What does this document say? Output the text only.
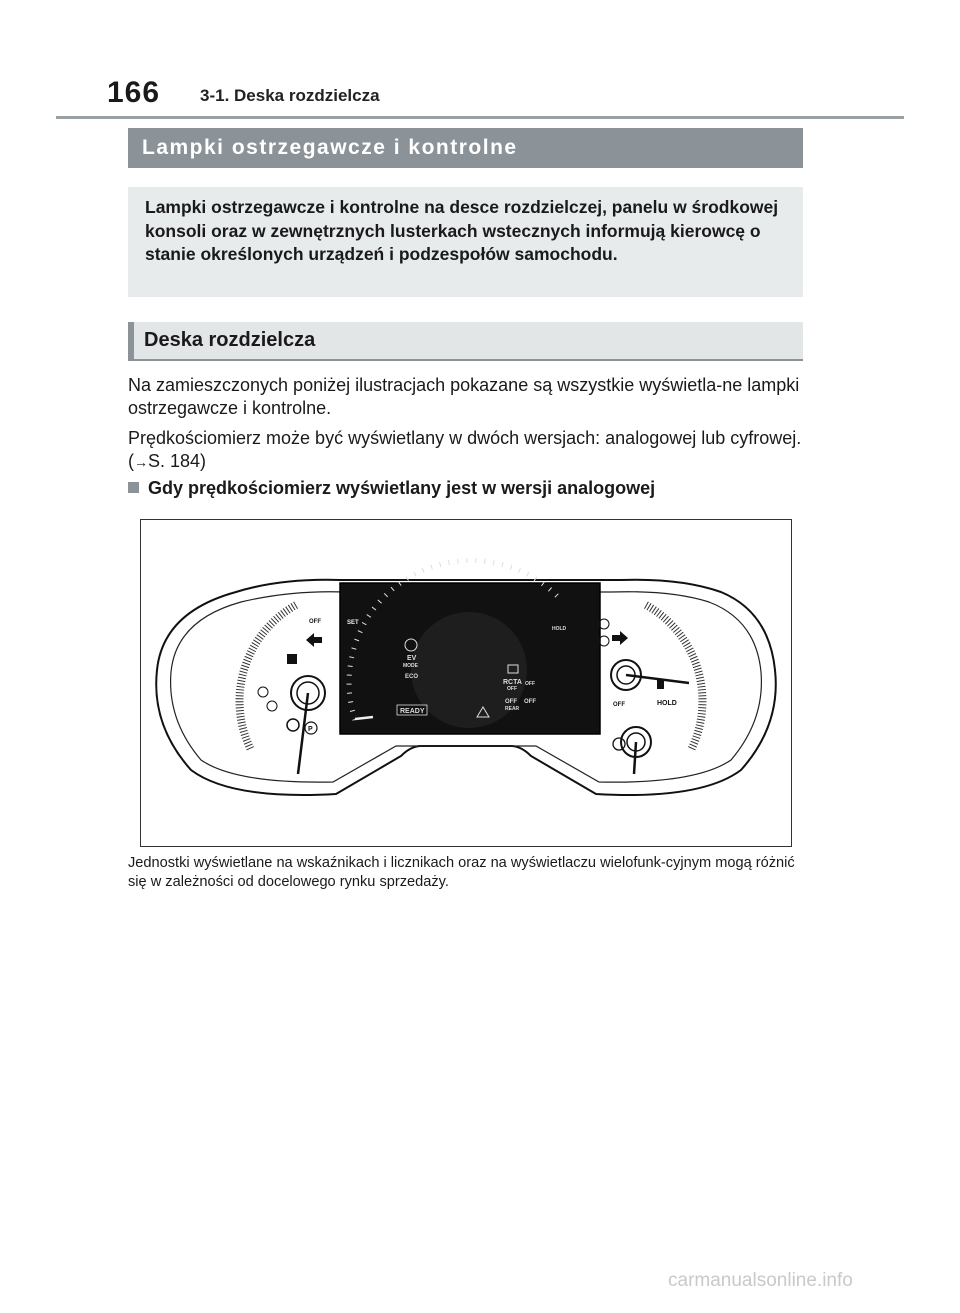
166 3-1. Deska rozdzielcza
Lampki ostrzegawcze i kontrolne

Lampki ostrzegawcze i kontrolne na desce rozdzielczej, panelu w środkowej konsoli oraz w zewnętrznych lusterkach wstecznych informują kierowcę o stanie określonych urządzeń i podzespołów samochodu.

Deska rozdzielcza

Na zamieszczonych poniżej ilustracjach pokazane są wszystkie wyświetla-ne lampki ostrzegawcze i kontrolne.

Prędkościomierz może być wyświetlany w dwóch wersjach: analogowej lub cyfrowej. (→S. 184)

Gdy prędkościomierz wyświetlany jest w wersji analogowej
OFF	SET
EV
MODE
ECO
READY
RCTA
OFF
OFF
OFF OFF
REAR
HOLD
HOLD
OFF
P

Jednostki wyświetlane na wskaźnikach i licznikach oraz na wyświetlaczu wielofunk-cyjnym mogą różnić się w zależności od docelowego rynku sprzedaży.

carmanualsonline.info
